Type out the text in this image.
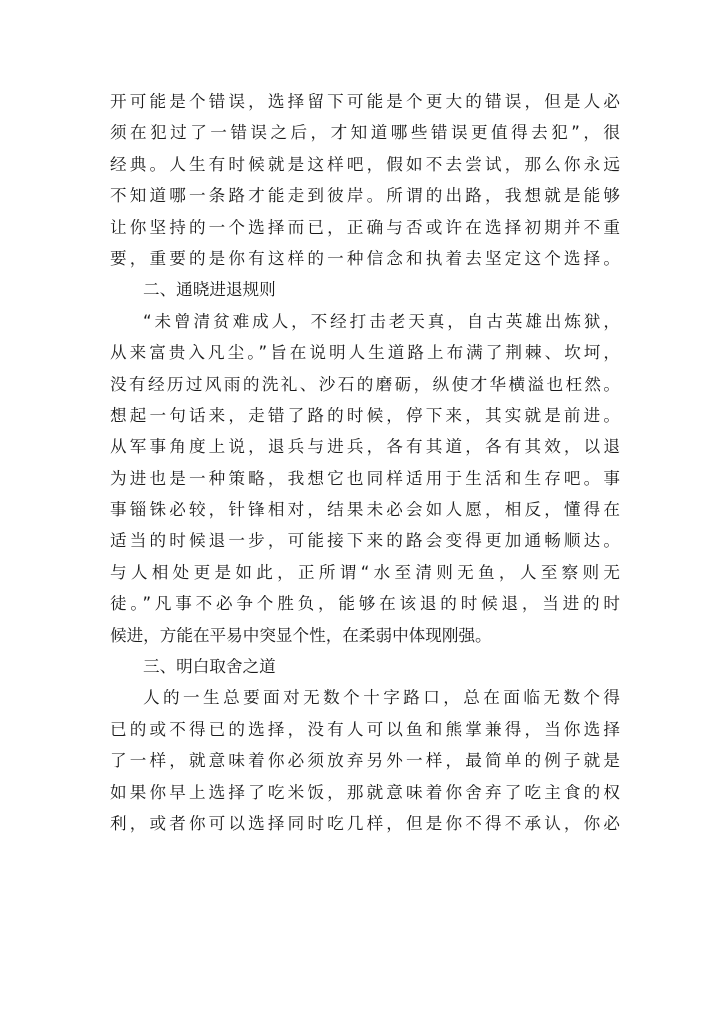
开可能是个错误，选择留下可能是个更大的错误，但是人必
须在犯过了一错误之后，才知道哪些错误更值得去犯”，很
经典。人生有时候就是这样吧，假如不去尝试，那么你永远
不知道哪一条路才能走到彼岸。所谓的出路，我想就是能够
让你坚持的一个选择而已，正确与否或许在选择初期并不重
要，重要的是你有这样的一种信念和执着去坚定这个选择。
二、通晓进退规则
“未曾清贫难成人，不经打击老天真，自古英雄出炼狱，
从来富贵入凡尘。”旨在说明人生道路上布满了荆棘、坎坷，
没有经历过风雨的洗礼、沙石的磨砺，纵使才华横溢也枉然。
想起一句话来，走错了路的时候，停下来，其实就是前进。
从军事角度上说，退兵与进兵，各有其道，各有其效，以退
为进也是一种策略，我想它也同样适用于生活和生存吧。事
事锱铢必较，针锋相对，结果未必会如人愿，相反，懂得在
适当的时候退一步，可能接下来的路会变得更加通畅顺达。
与人相处更是如此，正所谓“水至清则无鱼，人至察则无
徒。”凡事不必争个胜负，能够在该退的时候退，当进的时
候进，方能在平易中突显个性，在柔弱中体现刚强。
三、明白取舍之道
人的一生总要面对无数个十字路口，总在面临无数个得
已的或不得已的选择，没有人可以鱼和熊掌兼得，当你选择
了一样，就意味着你必须放弃另外一样，最简单的例子就是
如果你早上选择了吃米饭，那就意味着你舍弃了吃主食的权
利，或者你可以选择同时吃几样，但是你不得不承认，你必
